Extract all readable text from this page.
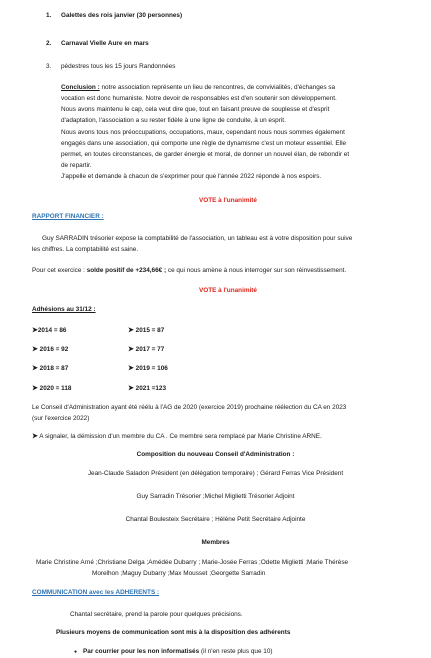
1. Galettes des rois janvier (30 personnes)
2. Carnaval Vielle Aure en mars
3. pédestres tous les 15 jours Randonnées
Conclusion : notre association représente un lieu de rencontres, de convivialités, d'échanges sa
vocation est donc humaniste. Notre devoir de responsables est d'en soutenir son développement.
Nous avons maintenu le cap, cela veut dire que, tout en faisant preuve de souplesse et d'esprit
d'adaptation, l'association a su rester fidèle à une ligne de conduite, à un esprit.
Nous avons tous nos préoccupations, occupations, maux, cependant nous nous sommes également
engagés dans une association, qui comporte une règle de dynamisme c'est un moteur essentiel. Elle
permet, en toutes circonstances, de garder énergie et moral, de donner un nouvel élan, de rebondir et
de repartir.
J'appelle et demande à chacun de s'exprimer pour que l'année 2022 réponde à nos espoirs.
VOTE à l'unanimité
RAPPORT FINANCIER :
Guy SARRADIN trésorier expose la comptabilité de l'association, un tableau est à votre disposition pour suive
les chiffres. La comptabilité est saine.
Pour cet exercice : solde positif de +234,66€ ; ce qui nous amène à nous interroger sur son réinvestissement.
VOTE à l'unanimité
Adhésions au 31/12 :
➤2014 = 86	➤ 2015 = 87
➤ 2016 = 92	➤ 2017 = 77
➤ 2018 = 87	➤ 2019 = 106
➤ 2020 = 118	➤ 2021 =123
Le Conseil d'Administration ayant été réélu à l'AG de 2020 (exercice 2019) prochaine réélection du CA en 2023
(sur l'exercice 2022)
➤ A signaler, la démission d'un membre du CA . Ce membre sera remplacé par Marie Christine ARNE.
Composition du nouveau Conseil d'Administration :
Jean-Claude Saladon Président (en délégation temporaire) ; Gérard Ferras Vice Président
Guy Sarradin Trésorier ;Michel Miglietti Trésorier Adjoint
Chantal Boulesteix Secrétaire ; Hélène Petit Secrétaire Adjointe
Membres
Marie Christine Arné ;Christiane Delga ;Amédée Dubarry ; Marie-Josée Ferras ;Odette Miglietti ;Marie Thérèse
Morelhon ;Maguy Dubarry ;Max Mousset ;Georgette Sarradin
COMMUNICATION avec les ADHERENTS :
Chantal secrétaire, prend la parole pour quelques précisions.
Plusieurs moyens de communication sont mis à la disposition des adhérents
● Par courrier pour les non informatisés (il n'en reste plus que 10)
